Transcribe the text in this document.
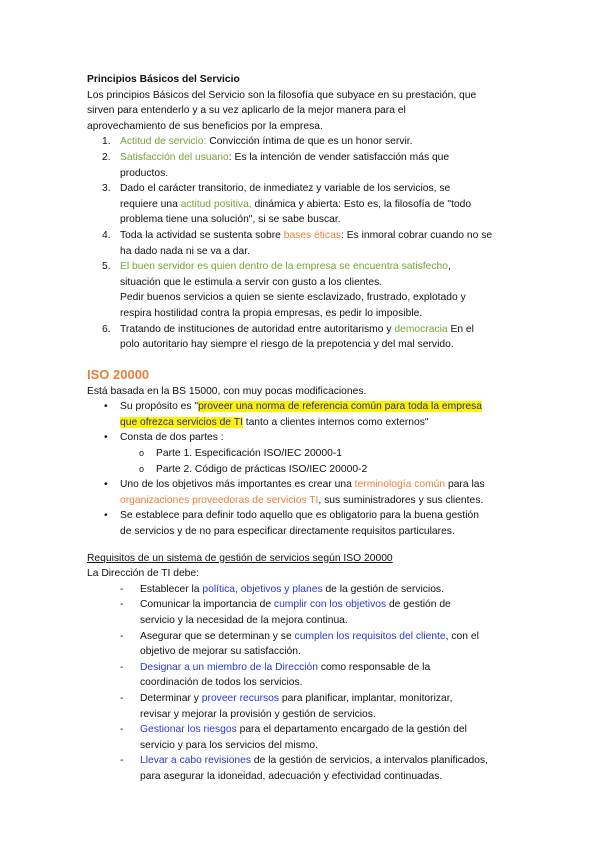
Principios Básicos del Servicio
Los principios Básicos del Servicio son la filosofía que subyace en su prestación, que
sirven para entenderlo y a su vez aplicarlo de la mejor manera para el
aprovechamiento de sus beneficios por la empresa.
1. Actitud de servicio: Convicción íntima de que es un honor servir.
2. Satisfacción del usuario: Es la intención de vender satisfacción más que
productos.
3. Dado el carácter transitorio, de inmediatez y variable de los servicios, se
requiere una actitud positiva, dinámica y abierta: Esto es, la filosofía de "todo
problema tiene una solución", si se sabe buscar.
4. Toda la actividad se sustenta sobre bases éticas: Es inmoral cobrar cuando no se
ha dado nada ni se va a dar.
5. El buen servidor es quien dentro de la empresa se encuentra satisfecho,
situación que le estimula a servir con gusto a los clientes.
Pedir buenos servicios a quien se siente esclavizado, frustrado, explotado y
respira hostilidad contra la propia empresas, es pedir lo imposible.
6. Tratando de instituciones de autoridad entre autoritarismo y democracia En el
polo autoritario hay siempre el riesgo de la prepotencia y del mal servido.
ISO 20000
Está basada en la BS 15000, con muy pocas modificaciones.
• Su propósito es "proveer una norma de referencia común para toda la empresa
que ofrezca servicios de TI tanto a clientes internos como externos"
• Consta de dos partes :
o Parte 1. Especificación ISO/IEC 20000-1
o Parte 2. Código de prácticas ISO/IEC 20000-2
• Uno de los objetivos más importantes es crear una terminología común para las
organizaciones proveedoras de servicios TI, sus suministradores y sus clientes.
• Se establece para definir todo aquello que es obligatorio para la buena gestión
de servicios y de no para especificar directamente requisitos particulares.
Requisitos de un sistema de gestión de servicios según ISO 20000
La Dirección de TI debe:
- Establecer la política, objetivos y planes de la gestión de servicios.
- Comunicar la importancia de cumplir con los objetivos de gestión de
servicio y la necesidad de la mejora continua.
- Asegurar que se determinan y se cumplen los requisitos del cliente, con el
objetivo de mejorar su satisfacción.
- Designar a un miembro de la Dirección como responsable de la
coordinación de todos los servicios.
- Determinar y proveer recursos para planificar, implantar, monitorizar,
revisar y mejorar la provisión y gestión de servicios.
- Gestionar los riesgos para el departamento encargado de la gestión del
servicio y para los servicios del mismo.
- Llevar a cabo revisiones de la gestión de servicios, a intervalos planificados,
para asegurar la idoneidad, adecuación y efectividad continuadas.
